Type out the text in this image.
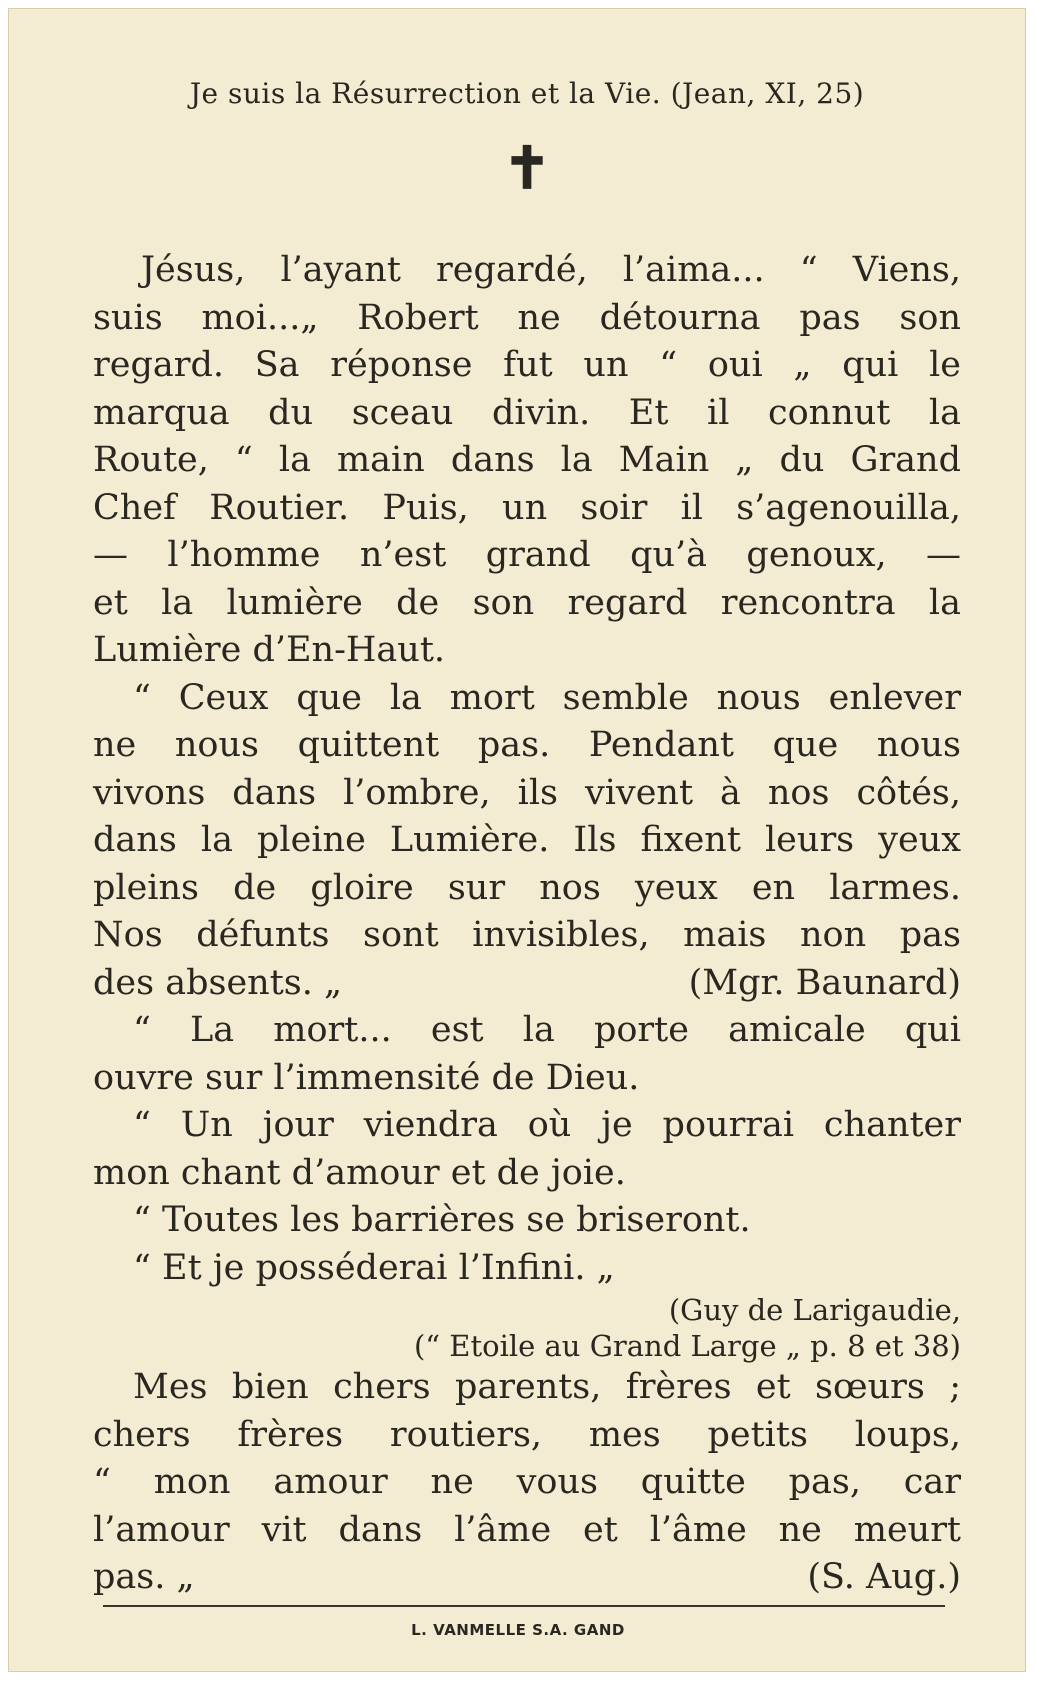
Je suis la Résurrection et la Vie. (Jean, XI, 25)
✝
Jésus, l’ayant regardé, l’aima... “ Viens,
suis moi...„ Robert ne détourna pas son
regard. Sa réponse fut un “ oui „ qui le
marqua du sceau divin. Et il connut la
Route, “ la main dans la Main „ du Grand
Chef Routier. Puis, un soir il s’agenouilla,
— l’homme n’est grand qu’à genoux, —
et la lumière de son regard rencontra la
Lumière d’En-Haut.
“ Ceux que la mort semble nous enlever
ne nous quittent pas. Pendant que nous
vivons dans l’ombre, ils vivent à nos côtés,
dans la pleine Lumière. Ils fixent leurs yeux
pleins de gloire sur nos yeux en larmes.
Nos défunts sont invisibles, mais non pas
des absents. „	(Mgr. Baunard)
“ La mort... est la porte amicale qui
ouvre sur l’immensité de Dieu.
“ Un jour viendra où je pourrai chanter
mon chant d’amour et de joie.
“ Toutes les barrières se briseront.
“ Et je posséderai l’Infini. „
(Guy de Larigaudie,
(“ Etoile au Grand Large „ p. 8 et 38)
Mes bien chers parents, frères et sœurs ;
chers frères routiers, mes petits loups,
“ mon amour ne vous quitte pas, car
l’amour vit dans l’âme et l’âme ne meurt
pas. „	(S. Aug.)
L. VANMELLE S.A. GAND
